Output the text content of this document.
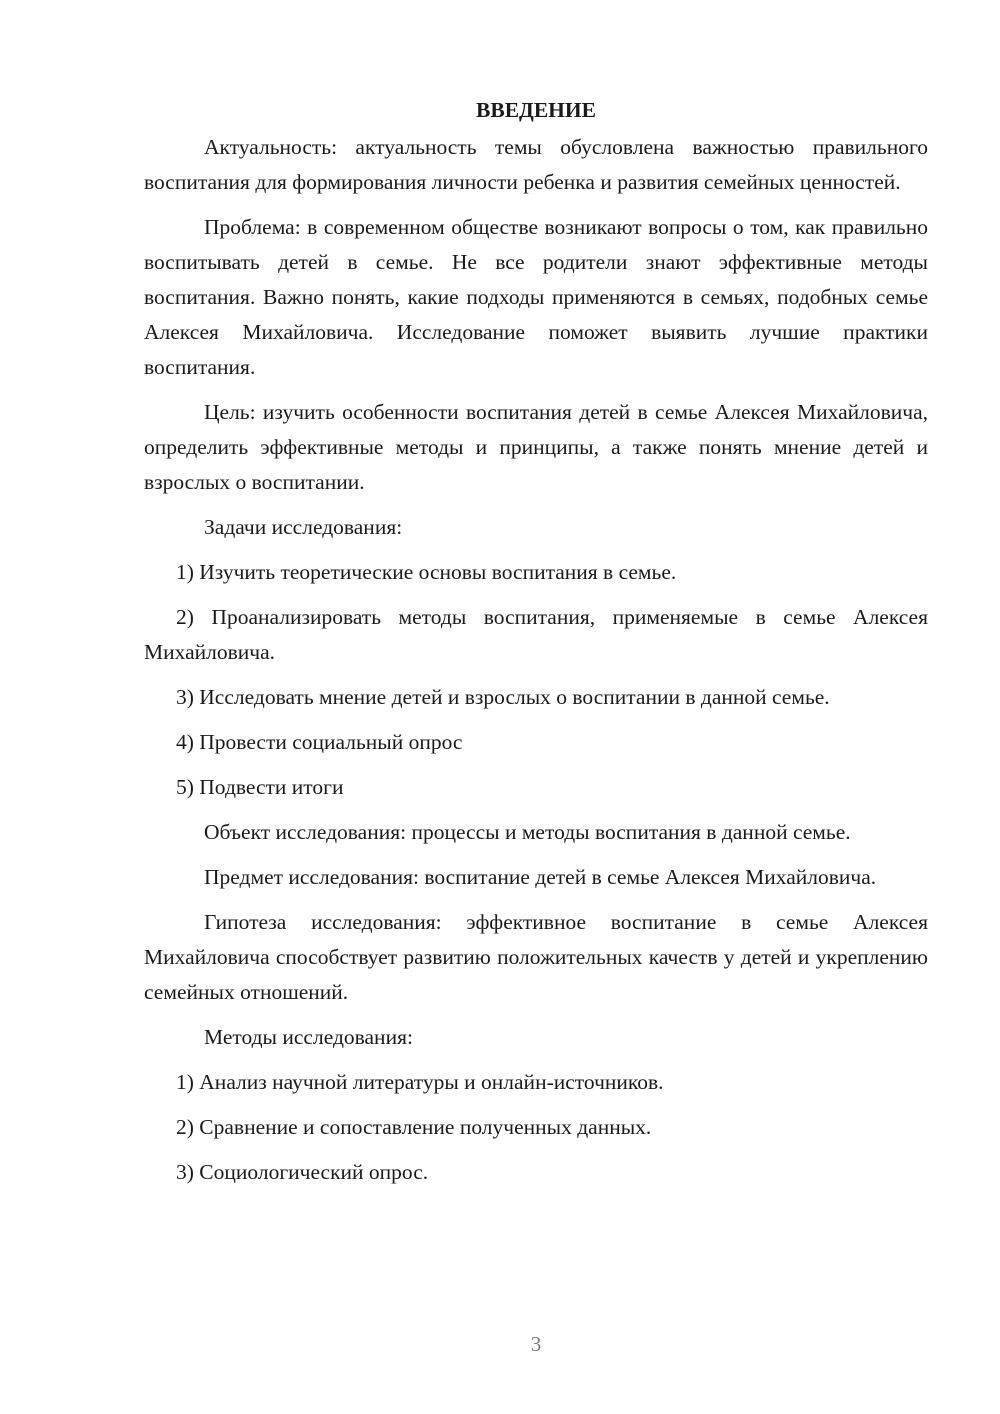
ВВЕДЕНИЕ

Актуальность: актуальность темы обусловлена важностью правильного воспитания для формирования личности ребенка и развития семейных ценностей.

Проблема: в современном обществе возникают вопросы о том, как правильно воспитывать детей в семье. Не все родители знают эффективные методы воспитания. Важно понять, какие подходы применяются в семьях, подобных семье Алексея Михайловича. Исследование поможет выявить лучшие практики воспитания.

Цель: изучить особенности воспитания детей в семье Алексея Михайловича, определить эффективные методы и принципы, а также понять мнение детей и взрослых о воспитании.

Задачи исследования:

1) Изучить теоретические основы воспитания в семье.

2) Проанализировать методы воспитания, применяемые в семье Алексея Михайловича.

3) Исследовать мнение детей и взрослых о воспитании в данной семье.

4) Провести социальный опрос

5) Подвести итоги

Объект исследования: процессы и методы воспитания в данной семье.

Предмет исследования: воспитание детей в семье Алексея Михайловича.

Гипотеза исследования: эффективное воспитание в семье Алексея Михайловича способствует развитию положительных качеств у детей и укреплению семейных отношений.

Методы исследования:

1) Анализ научной литературы и онлайн-источников.

2) Сравнение и сопоставление полученных данных.

3) Социологический опрос.

3
